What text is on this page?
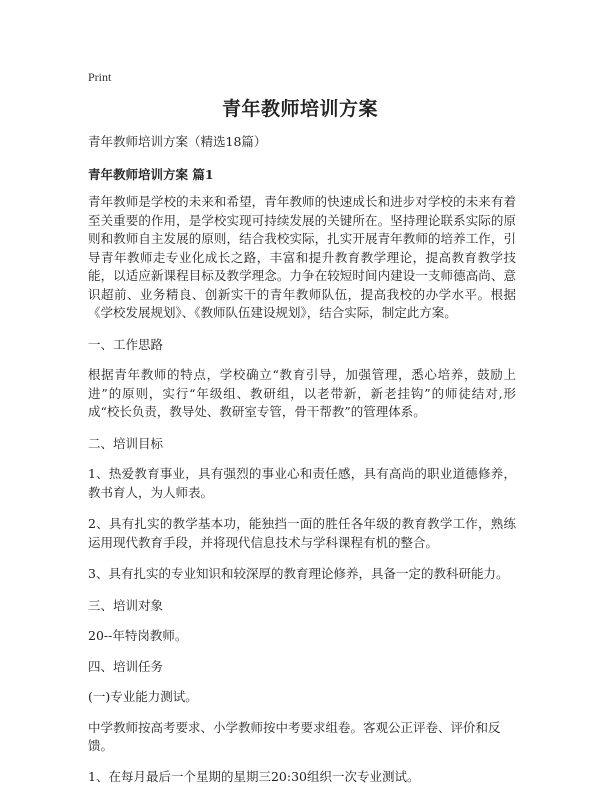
Print
青年教师培训方案

青年教师培训方案（精选18篇）

青年教师培训方案 篇1

青年教师是学校的未来和希望，青年教师的快速成长和进步对学校的未来有着至关重要的作用，是学校实现可持续发展的关键所在。坚持理论联系实际的原则和教师自主发展的原则，结合我校实际，扎实开展青年教师的培养工作，引导青年教师走专业化成长之路，丰富和提升教育教学理论，提高教育教学技能，以适应新课程目标及教学理念。力争在较短时间内建设一支师德高尚、意识超前、业务精良、创新实干的青年教师队伍，提高我校的办学水平。根据《学校发展规划》、《教师队伍建设规划》，结合实际，制定此方案。

一、工作思路

根据青年教师的特点，学校确立“教育引导，加强管理，悉心培养，鼓励上进”的原则，实行“年级组、教研组，以老带新，新老挂钩”的师徒结对,形成“校长负责，教导处、教研室专管，骨干帮教”的管理体系。

二、培训目标

1、热爱教育事业，具有强烈的事业心和责任感，具有高尚的职业道德修养，教书育人，为人师表。

2、具有扎实的教学基本功，能独挡一面的胜任各年级的教育教学工作，熟练运用现代教育手段，并将现代信息技术与学科课程有机的整合。

3、具有扎实的专业知识和较深厚的教育理论修养，具备一定的教科研能力。

三、培训对象

20--年特岗教师。

四、培训任务

(一)专业能力测试。

中学教师按高考要求、小学教师按中考要求组卷。客观公正评卷、评价和反馈。

1、在每月最后一个星期的星期三20:30组织一次专业测试。
